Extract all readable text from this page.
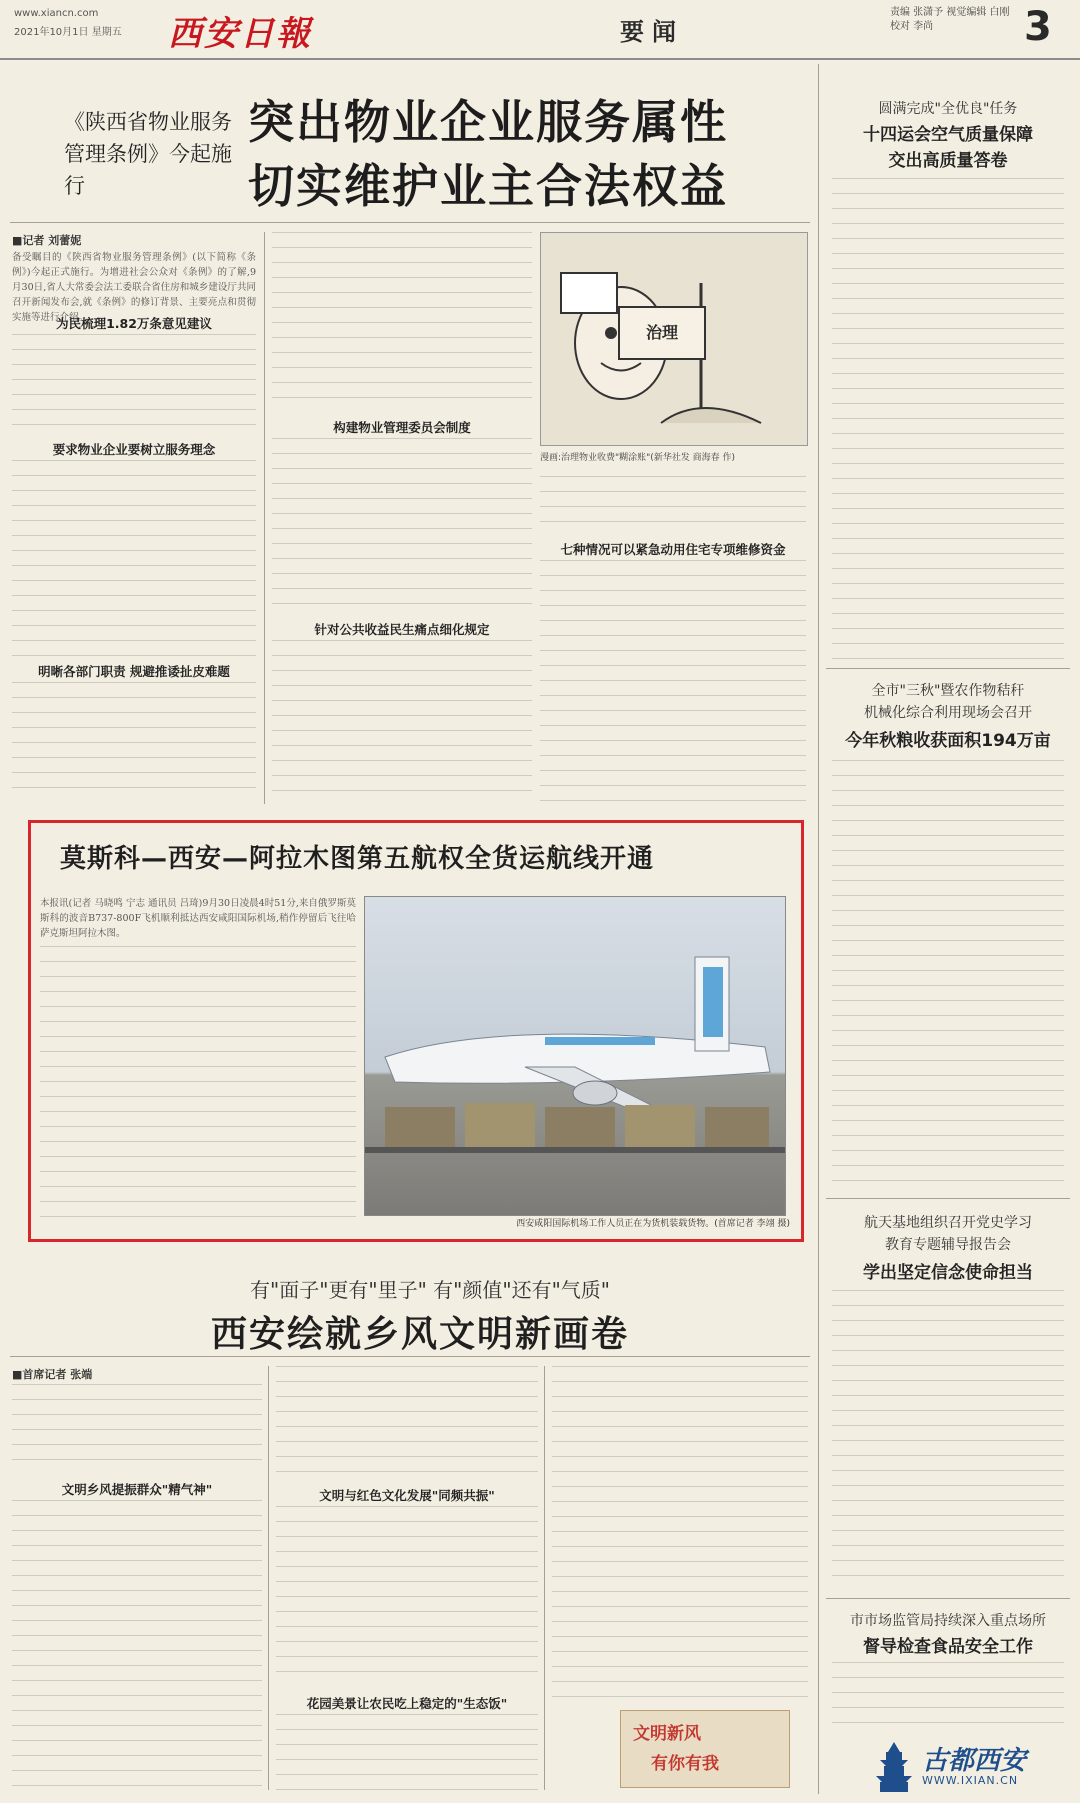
www.xiancn.com
2021年10月1日 星期五 西安日報	要闻
责编 张潇予 视觉编辑 白刚
校对 李尚	3
《陕西省物业服务管理条例》今起施行
突出物业企业服务属性
切实维护业主合法权益
■记者 刘蕾妮
备受瞩目的《陕西省物业服务管理条例》(以下简称《条例》)今起正式施行。为增进社会公众对《条例》的了解,9月30日,省人大常委会法工委联合省住房和城乡建设厅共同召开新闻发布会,就《条例》的修订背景、主要亮点和贯彻实施等进行介绍。
为民梳理1.82万条意见建议
要求物业企业要树立服务理念
明晰各部门职责 规避推诿扯皮难题
构建物业管理委员会制度
针对公共收益民生痛点细化规定
治理
漫画:治理物业收费"糊涂账"(新华社发 商海春 作)
七种情况可以紧急动用住宅专项维修资金
圆满完成"全优良"任务
十四运会空气质量保障
交出高质量答卷
全市"三秋"暨农作物秸秆
机械化综合利用现场会召开
今年秋粮收获面积194万亩
航天基地组织召开党史学习
教育专题辅导报告会
学出坚定信念使命担当
市市场监管局持续深入重点场所
督导检查食品安全工作
莫斯科—西安—阿拉木图第五航权全货运航线开通
本报讯(记者 马晓鸣 宁志 通讯员 吕琦)9月30日凌晨4时51分,来自俄罗斯莫斯科的波音B737-800F飞机顺利抵达西安咸阳国际机场,稍作停留后飞往哈萨克斯坦阿拉木图。
西安咸阳国际机场工作人员正在为货机装载货物。(首席记者 李翊 摄)
有"面子"更有"里子" 有"颜值"还有"气质"
西安绘就乡风文明新画卷
■首席记者 张端
文明乡风提振群众"精气神"	文明与红色文化发展"同频共振"
花园美景让农民吃上稳定的"生态饭"
文明新风
有你有我	古都西安
WWW.IXIAN.CN
